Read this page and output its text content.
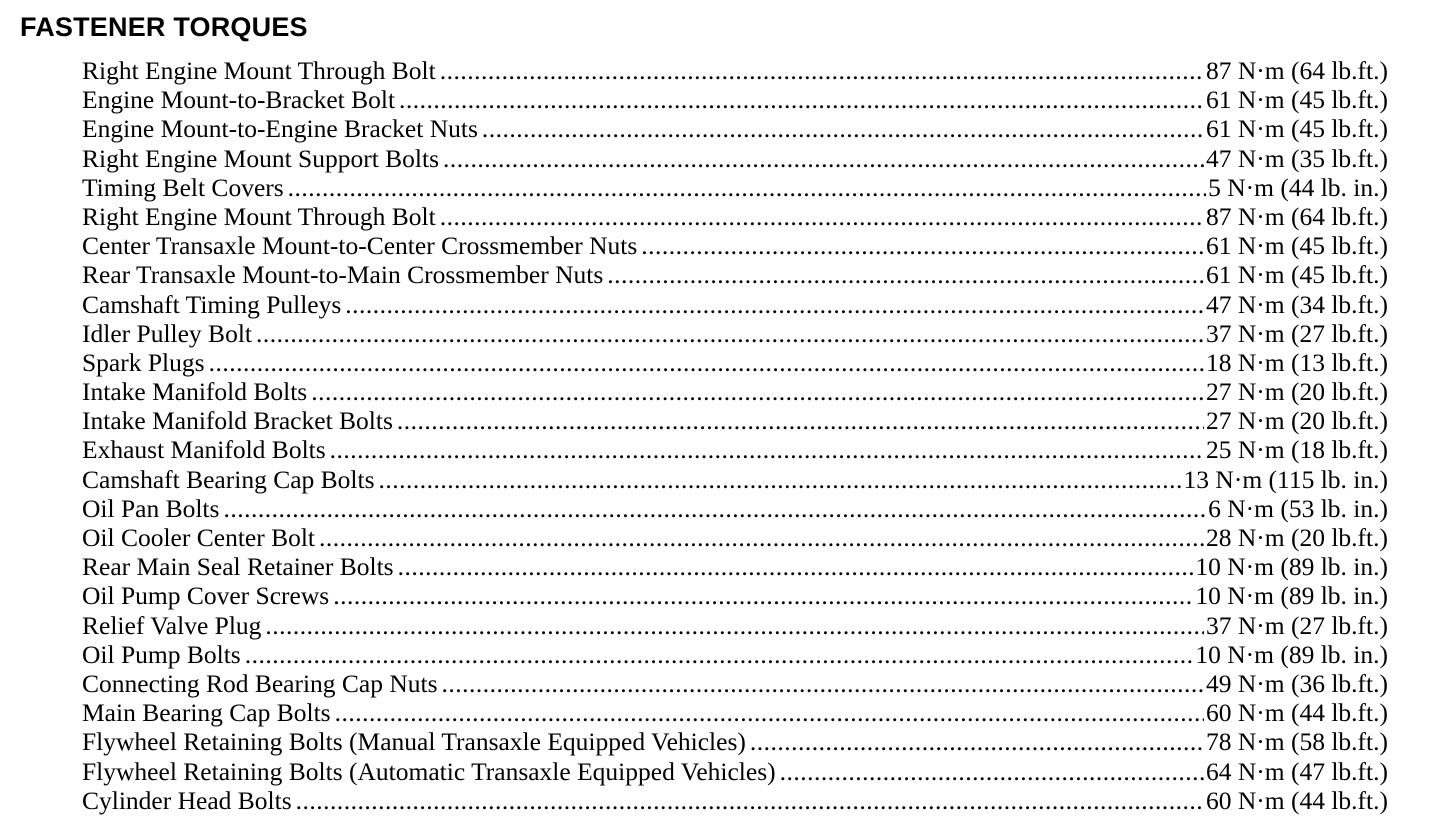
FASTENER TORQUES
Right Engine Mount Through Bolt .....	87 N·m (64 lb.ft.)
Engine Mount-to-Bracket Bolt .....	61 N·m (45 lb.ft.)
Engine Mount-to-Engine Bracket Nuts .....	61 N·m (45 lb.ft.)
Right Engine Mount Support Bolts .....	47 N·m (35 lb.ft.)
Timing Belt Covers .....	5 N·m (44 lb. in.)
Right Engine Mount Through Bolt .....	87 N·m (64 lb.ft.)
Center Transaxle Mount-to-Center Crossmember Nuts .....	61 N·m (45 lb.ft.)
Rear Transaxle Mount-to-Main Crossmember Nuts .....	61 N·m (45 lb.ft.)
Camshaft Timing Pulleys .....	47 N·m (34 lb.ft.)
Idler Pulley Bolt .....	37 N·m (27 lb.ft.)
Spark Plugs .....	18 N·m (13 lb.ft.)
Intake Manifold Bolts .....	27 N·m (20 lb.ft.)
Intake Manifold Bracket Bolts .....	27 N·m (20 lb.ft.)
Exhaust Manifold Bolts .....	25 N·m (18 lb.ft.)
Camshaft Bearing Cap Bolts .....	13 N·m (115 lb. in.)
Oil Pan Bolts .....	6 N·m (53 lb. in.)
Oil Cooler Center Bolt .....	28 N·m (20 lb.ft.)
Rear Main Seal Retainer Bolts .....	10 N·m (89 lb. in.)
Oil Pump Cover Screws .....	10 N·m (89 lb. in.)
Relief Valve Plug .....	37 N·m (27 lb.ft.)
Oil Pump Bolts .....	10 N·m (89 lb. in.)
Connecting Rod Bearing Cap Nuts .....	49 N·m (36 lb.ft.)
Main Bearing Cap Bolts .....	60 N·m (44 lb.ft.)
Flywheel Retaining Bolts (Manual Transaxle Equipped Vehicles) .....	78 N·m (58 lb.ft.)
Flywheel Retaining Bolts (Automatic Transaxle Equipped Vehicles) .....	64 N·m (47 lb.ft.)
Cylinder Head Bolts .....	60 N·m (44 lb.ft.)
